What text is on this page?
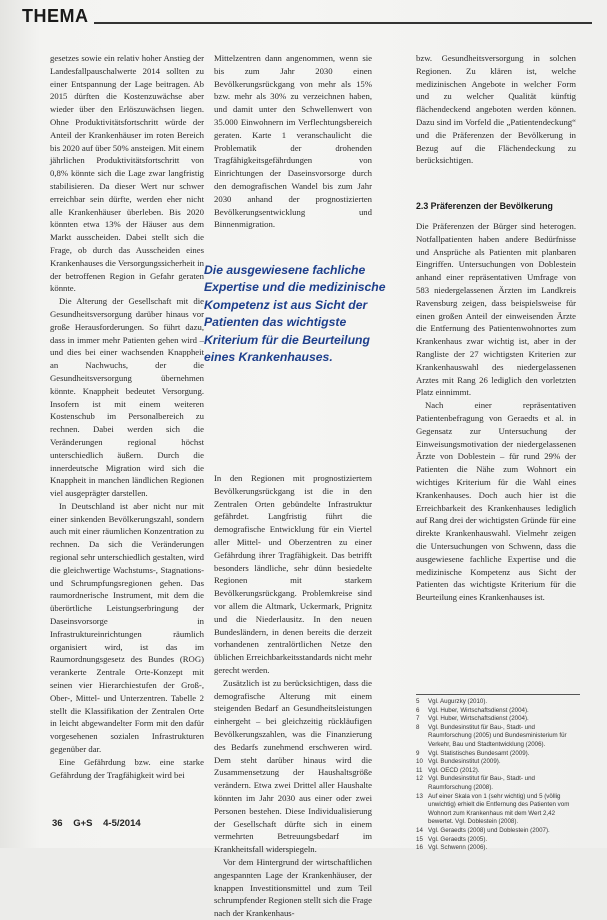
THEMA

gesetzes sowie ein relativ hoher Anstieg der Landesfallpauschalwerte 2014 sollten zu einer Entspannung der Lage beitragen. Ab 2015 dürften die Kostenzuwächse aber wieder über den Erlöszuwächsen liegen. Ohne Produktivitätsfortschritt würde der Anteil der Krankenhäuser im roten Bereich bis 2020 auf über 50% ansteigen. Mit einem jährlichen Produktivitätsfortschritt von 0,8% könnte sich die Lage zwar langfristig stabilisieren. Da dieser Wert nur schwer erreichbar sein dürfte, werden eher nicht alle Krankenhäuser überleben. Bis 2020 könnten etwa 13% der Häuser aus dem Markt ausscheiden. Dabei stellt sich die Frage, ob durch das Ausscheiden eines Krankenhauses die Versorgungssicherheit in der betroffenen Region in Gefahr geraten könnte.

Die Alterung der Gesellschaft mit die Gesundheitsversorgung darüber hinaus vor große Herausforderungen. So führt dazu, dass in immer mehr Patienten gehen wird – und dies bei einer wachsenden Knappheit an Nachwuchs, der die Gesundheitsversorgung übernehmen könnte. Knappheit bedeutet Versorgung. Insofern ist mit einem weiteren Kostenschub im Personalbereich zu rechnen. Dabei werden sich die Veränderungen regional höchst unterschiedlich äußern. Durch die innerdeutsche Migration wird sich die Knappheit in manchen ländlichen Regionen viel ausgeprägter darstellen.

In Deutschland ist aber nicht nur mit einer sinkenden Bevölkerungszahl, sondern auch mit einer räumlichen Konzentration zu rechnen. Da sich die Veränderungen regional sehr unterschiedlich gestalten, wird die gleichwertige Wachstums-, Stagnations- und Schrumpfungsregionen gehen. Das raumordnerische Instrument, mit dem die überörtliche Leistungserbringung der Daseinsvorsorge in Infrastruktureinrichtungen räumlich organisiert wird, ist das im Raumordnungsgesetz des Bundes (ROG) verankerte Zentrale Orte-Konzept mit seinen vier Hierarchiestufen der Groß-, Ober-, Mittel- und Unterzentren. Tabelle 2 stellt die Klassifikation der Zentralen Orte in leicht abgewandelter Form mit den dafür vorgesehenen sozialen Infrastrukturen gegenüber dar.

Eine Gefährdung bzw. eine starke Gefährdung der Tragfähigkeit wird bei

Mittelzentren dann angenommen, wenn sie bis zum Jahr 2030 einen Bevölkerungsrückgang von mehr als 15% bzw. mehr als 30% zu verzeichnen haben, und damit unter den Schwellenwert von 35.000 Einwohnern im Verflechtungsbereich geraten. Karte 1 veranschaulicht die Problematik der drohenden Tragfähigkeitsgefährdungen von Einrichtungen der Daseinsvorsorge durch den demografischen Wandel bis zum Jahr 2030 anhand der prognostizierten Bevölkerungsentwicklung und Binnenmigration.

In den Regionen mit prognostiziertem Bevölkerungsrückgang ist die in den Zentralen Orten gebündelte Infrastruktur gefährdet. Langfristig führt die demografische Entwicklung für ein Viertel aller Mittel- und Oberzentren zu einer Gefährdung ihrer Tragfähigkeit. Das betrifft besonders ländliche, sehr dünn besiedelte Regionen mit starkem Bevölkerungsrückgang. Problemkreise sind vor allem die Altmark, Uckermark, Prignitz und die Niederlausitz. In den neuen Bundesländern, in denen bereits die derzeit vorhandenen zentralörtlichen Netze den üblichen Erreichbarkeitsstandards nicht mehr gerecht werden.

Zusätzlich ist zu berücksichtigen, dass die demografische Alterung mit einem steigenden Bedarf an Gesundheitsleistungen einhergeht – bei gleichzeitig rückläufigen Bevölkerungszahlen, was die Finanzierung des Bedarfs zunehmend erschweren wird. Dem steht darüber hinaus wird die Zusammensetzung der Haushaltsgröße verändern. Etwa zwei Drittel aller Haushalte könnten im Jahr 2030 aus einer oder zwei Personen bestehen. Diese Individualisierung der Gesellschaft dürfte sich in einem vermehrten Betreuungsbedarf im Krankheitsfall widerspiegeln.

Vor dem Hintergrund der wirtschaftlichen angespannten Lage der Krankenhäuser, der knappen Investitionsmittel und zum Teil schrumpfender Regionen stellt sich die Frage nach der Krankenhaus-

Die ausgewiesene fachliche
Expertise und die medizinische
Kompetenz ist aus Sicht der
Patienten das wichtigste
Kriterium für die Beurteilung
eines Krankenhauses.

bzw. Gesundheitsversorgung in solchen Regionen. Zu klären ist, welche medizinischen Angebote in welcher Form und zu welcher Qualität künftig flächendeckend angeboten werden können. Dazu sind im Vorfeld die „Patientendeckung“ und die Präferenzen der Bevölkerung in Bezug auf die Flächendeckung zu berücksichtigen.

2.3 Präferenzen der Bevölkerung

Die Präferenzen der Bürger sind heterogen. Notfallpatienten haben andere Bedürfnisse und Ansprüche als Patienten mit planbaren Eingriffen. Untersuchungen von Doblestein anhand einer repräsentativen Umfrage von 583 niedergelassenen Ärzten im Landkreis Ravensburg zeigen, dass beispielsweise für einen großen Anteil der einweisenden Ärzte die Entfernung des Patientenwohnortes zum Krankenhaus zwar wichtig ist, aber in der Rangliste der 27 wichtigsten Kriterien zur Krankenhauswahl des niedergelassenen Arztes mit Rang 26 lediglich den vorletzten Platz einnimmt.

Nach einer repräsentativen Patientenbefragung von Geraedts et al. in Gegensatz zur Untersuchung der Einweisungsmotivation der niedergelassenen Ärzte von Doblestein – für rund 29% der Patienten die Nähe zum Wohnort ein wichtiges Kriterium für die Wahl eines Krankenhauses. Doch auch hier ist die Erreichbarkeit des Krankenhauses lediglich auf Rang drei der wichtigsten Gründe für eine direkte Krankenhauswahl. Vielmehr zeigen die Untersuchungen von Schwenn, dass die ausgewiesene fachliche Expertise und die medizinische Kompetenz aus Sicht der Patienten das wichtigste Kriterium für die Beurteilung eines Krankenhauses ist.

5	Vgl. Augurzky (2010).
6	Vgl. Huber, Wirtschaftsdienst (2004).
7	Vgl. Huber, Wirtschaftsdienst (2004).
8	Vgl. Bundesinstitut für Bau-, Stadt- und Raumforschung (2005) und Bundesministerium für Verkehr, Bau und Stadtentwicklung (2006).
9	Vgl. Statistisches Bundesamt (2009).
10 Vgl. Bundesinstitut (2009).
11 Vgl. OECD (2012).
12 Vgl. Bundesinstitut für Bau-, Stadt- und Raumforschung (2008).
13 Auf einer Skala von 1 (sehr wichtig) und 5 (völlig unwichtig) erhielt die Entfernung des Patienten vom Wohnort zum Krankenhaus mit dem Wert 2,42 bewertet. Vgl. Doblestein (2008).
14 Vgl. Geraedts (2008) und Doblestein (2007).
15 Vgl. Geraedts (2005).
16 Vgl. Schwenn (2006).
36 G+S 4-5/2014
